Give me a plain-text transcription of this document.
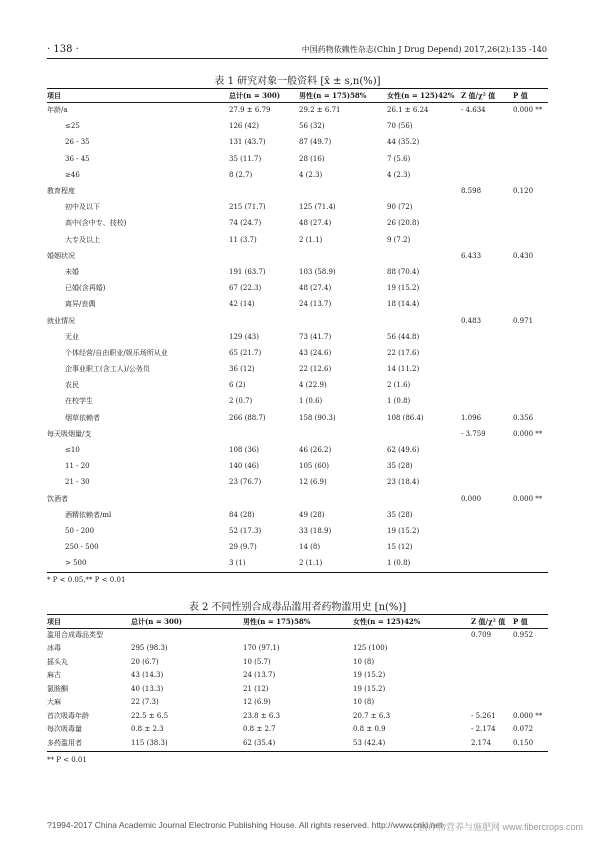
· 138 ·	中国药物依赖性杂志(Chin J Drug Depend) 2017,26(2):135 -140
表 1 研究对象一般资料 [x̄ ± s,n(%)]
项目	总计(n = 300)	男性(n = 175)58%	女性(n = 125)42%	Z 值/χ² 值	P 值
年龄/a	27.9 ± 6.79	29.2 ± 6.71	26.1 ± 6.24	- 4.634	0.000 **
≤25	126 (42)	56 (32)	70 (56)		
26 - 35	131 (43.7)	87 (49.7)	44 (35.2)		
36 - 45	35 (11.7)	28 (16)	7 (5.6)		
≥46	8 (2.7)	4 (2.3)	4 (2.3)		
教育程度				8.598	0.120
初中及以下	215 (71.7)	125 (71.4)	90 (72)		
高中(含中专、技校)	74 (24.7)	48 (27.4)	26 (20.8)		
大专及以上	11 (3.7)	2 (1.1)	9 (7.2)		
婚姻状况				6.433	0.430
未婚	191 (63.7)	103 (58.9)	88 (70.4)		
已婚(含再婚)	67 (22.3)	48 (27.4)	19 (15.2)		
离异/丧偶	42 (14)	24 (13.7)	18 (14.4)		
就业情况				0.483	0.971
无业	129 (43)	73 (41.7)	56 (44.8)		
个体经营/自由职业/娱乐场所从业	65 (21.7)	43 (24.6)	22 (17.6)		
企事业职工(含工人)/公务员	36 (12)	22 (12.6)	14 (11.2)		
农民	6 (2)	4 (22.9)	2 (1.6)		
在校学生	2 (0.7)	1 (0.6)	1 (0.8)		
烟草依赖者	266 (88.7)	158 (90.3)	108 (86.4)	1.096	0.356
每天吸烟量/支				- 3.759	0.000 **
≤10	108 (36)	46 (26.2)	62 (49.6)		
11 - 20	140 (46)	105 (60)	35 (28)		
21 - 30	23 (76.7)	12 (6.9)	23 (18.4)		
饮酒者				0.000	0.000 **
酒精依赖者/ml	84 (28)	49 (28)	35 (28)		
50 - 200	52 (17.3)	33 (18.9)	19 (15.2)		
250 - 500	29 (9.7)	14 (8)	15 (12)		
> 500	3 (1)	2 (1.1)	1 (0.8)		
* P < 0.05,** P < 0.01
表 2 不同性别合成毒品滥用者药物滥用史 [n(%)]
项目	总计(n = 300)	男性(n = 175)58%	女性(n = 125)42%	Z 值/χ² 值	P 值
滥用合成毒品类型				0.709	0.952
冰毒	295 (98.3)	170 (97.1)	125 (100)		
摇头丸	20 (6.7)	10 (5.7)	10 (8)		
麻古	43 (14.3)	24 (13.7)	19 (15.2)		
氯胺酮	40 (13.3)	21 (12)	19 (15.2)		
大麻	22 (7.3)	12 (6.9)	10 (8)		
首次吸毒年龄	22.5 ± 6.5	23.8 ± 6.3	20.7 ± 6.3	- 5.261	0.000 **
每次吸毒量	0.8 ± 2.3	0.8 ± 2.7	0.8 ± 0.9	- 2.174	0.072
多药滥用者	115 (38.3)	62 (35.4)	53 (42.4)	2.174	0.150
** P < 0.01
?1994-2017 China Academic Journal Electronic Publishing House. All rights reserved. http://www.cnki.net
中国作物营养与施肥网 www.fibercrops.com
